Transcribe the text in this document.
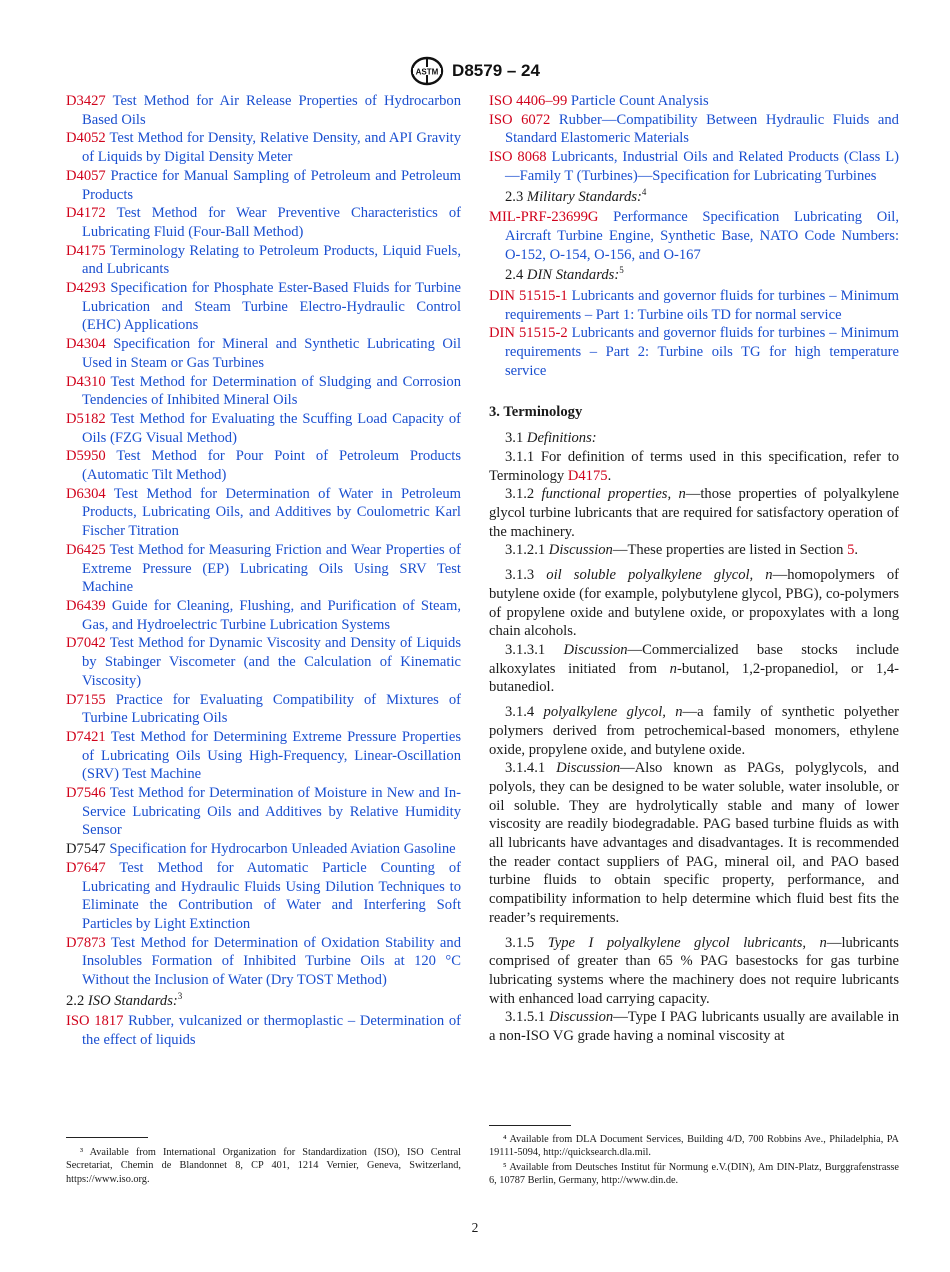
ASTM D8579 – 24

D3427 Test Method for Air Release Properties of Hydrocarbon Based Oils

D4052 Test Method for Density, Relative Density, and API Gravity of Liquids by Digital Density Meter

D4057 Practice for Manual Sampling of Petroleum and Petroleum Products

D4172 Test Method for Wear Preventive Characteristics of Lubricating Fluid (Four-Ball Method)

D4175 Terminology Relating to Petroleum Products, Liquid Fuels, and Lubricants

D4293 Specification for Phosphate Ester-Based Fluids for Turbine Lubrication and Steam Turbine Electro-Hydraulic Control (EHC) Applications

D4304 Specification for Mineral and Synthetic Lubricating Oil Used in Steam or Gas Turbines

D4310 Test Method for Determination of Sludging and Corrosion Tendencies of Inhibited Mineral Oils

D5182 Test Method for Evaluating the Scuffing Load Capacity of Oils (FZG Visual Method)

D5950 Test Method for Pour Point of Petroleum Products (Automatic Tilt Method)

D6304 Test Method for Determination of Water in Petroleum Products, Lubricating Oils, and Additives by Coulometric Karl Fischer Titration

D6425 Test Method for Measuring Friction and Wear Properties of Extreme Pressure (EP) Lubricating Oils Using SRV Test Machine

D6439 Guide for Cleaning, Flushing, and Purification of Steam, Gas, and Hydroelectric Turbine Lubrication Systems

D7042 Test Method for Dynamic Viscosity and Density of Liquids by Stabinger Viscometer (and the Calculation of Kinematic Viscosity)

D7155 Practice for Evaluating Compatibility of Mixtures of Turbine Lubricating Oils

D7421 Test Method for Determining Extreme Pressure Properties of Lubricating Oils Using High-Frequency, Linear-Oscillation (SRV) Test Machine

D7546 Test Method for Determination of Moisture in New and In-Service Lubricating Oils and Additives by Relative Humidity Sensor

D7547 Specification for Hydrocarbon Unleaded Aviation Gasoline

D7647 Test Method for Automatic Particle Counting of Lubricating and Hydraulic Fluids Using Dilution Techniques to Eliminate the Contribution of Water and Interfering Soft Particles by Light Extinction

D7873 Test Method for Determination of Oxidation Stability and Insolubles Formation of Inhibited Turbine Oils at 120 °C Without the Inclusion of Water (Dry TOST Method)

2.2 ISO Standards:$^3$

ISO 1817 Rubber, vulcanized or thermoplastic – Determination of the effect of liquids

ISO 4406–99 Particle Count Analysis

ISO 6072 Rubber—Compatibility Between Hydraulic Fluids and Standard Elastomeric Materials

ISO 8068 Lubricants, Industrial Oils and Related Products (Class L)—Family T (Turbines)—Specification for Lubricating Turbines

2.3 Military Standards:$^4$

MIL-PRF-23699G Performance Specification Lubricating Oil, Aircraft Turbine Engine, Synthetic Base, NATO Code Numbers: O-152, O-154, O-156, and O-167

2.4 DIN Standards:$^5$

DIN 51515-1 Lubricants and governor fluids for turbines – Minimum requirements – Part 1: Turbine oils TD for normal service

DIN 51515-2 Lubricants and governor fluids for turbines – Minimum requirements – Part 2: Turbine oils TG for high temperature service

3. Terminology

3.1 Definitions:

3.1.1 For definition of terms used in this specification, refer to Terminology D4175.

3.1.2 functional properties, n—those properties of polyalkylene glycol turbine lubricants that are required for satisfactory operation of the machinery.

3.1.2.1 Discussion—These properties are listed in Section 5.

3.1.3 oil soluble polyalkylene glycol, n—homopolymers of butylene oxide (for example, polybutylene glycol, PBG), co-polymers of propylene oxide and butylene oxide, or propoxylates with a long chain alcohols.

3.1.3.1 Discussion—Commercialized base stocks include alkoxylates initiated from n-butanol, 1,2-propanediol, or 1,4-butanediol.

3.1.4 polyalkylene glycol, n—a family of synthetic polyether polymers derived from petrochemical-based monomers, ethylene oxide, propylene oxide, and butylene oxide.

3.1.4.1 Discussion—Also known as PAGs, polyglycols, and polyols, they can be designed to be water soluble, water insoluble, or oil soluble. They are hydrolytically stable and many of lower viscosity are readily biodegradable. PAG based turbine fluids as with all lubricants have advantages and disadvantages. It is recommended the reader contact suppliers of PAG, mineral oil, and PAO based turbine fluids to obtain specific property, performance, and compatibility information to help determine which fluid best fits the reader’s requirements.

3.1.5 Type I polyalkylene glycol lubricants, n—lubricants comprised of greater than 65 % PAG basestocks for gas turbine lubricating systems where the machinery does not require lubricants with enhanced load carrying capacity.

3.1.5.1 Discussion—Type I PAG lubricants usually are available in a non-ISO VG grade having a nominal viscosity at

³ Available from International Organization for Standardization (ISO), ISO Central Secretariat, Chemin de Blandonnet 8, CP 401, 1214 Vernier, Geneva, Switzerland, https://www.iso.org.
⁴ Available from DLA Document Services, Building 4/D, 700 Robbins Ave., Philadelphia, PA 19111-5094, http://quicksearch.dla.mil.
⁵ Available from Deutsches Institut für Normung e.V.(DIN), Am DIN-Platz, Burggrafenstrasse 6, 10787 Berlin, Germany, http://www.din.de.
2
